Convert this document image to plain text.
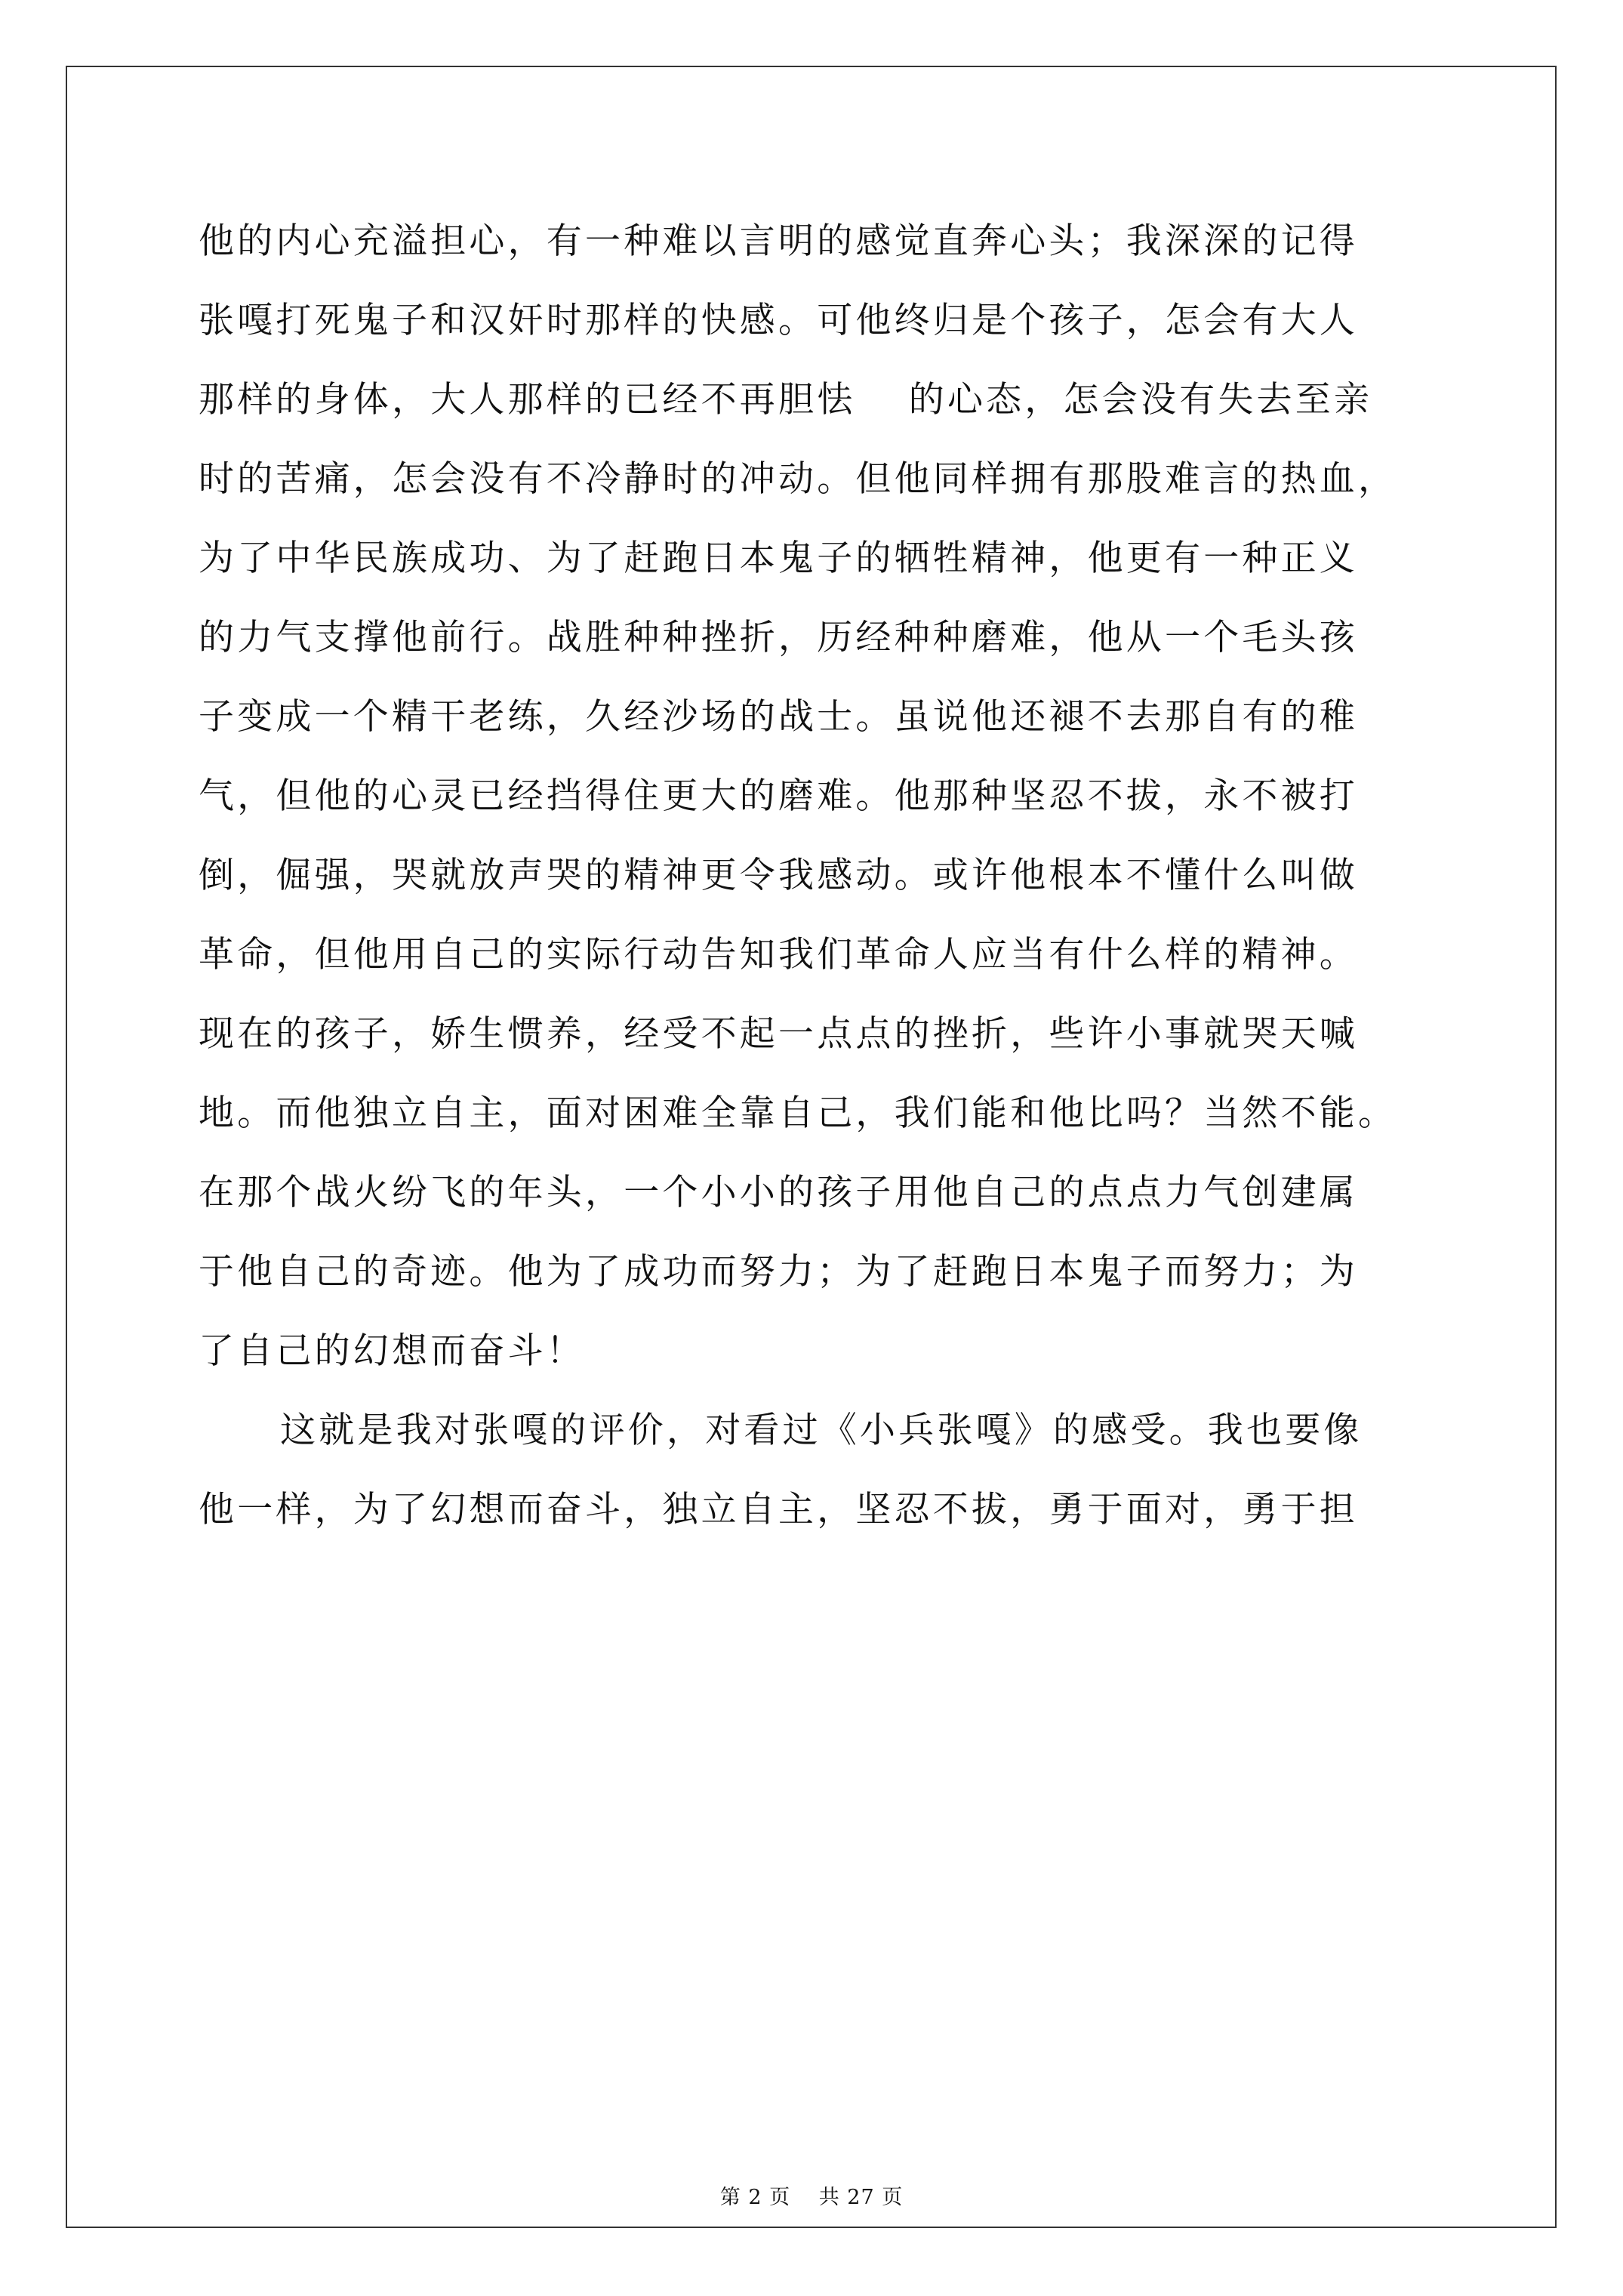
他的内心充溢担心，有一种难以言明的感觉直奔心头；我深深的记得
张嘎打死鬼子和汉奸时那样的快感。可他终归是个孩子，怎会有大人
那样的身体，大人那样的已经不再胆怯　 的心态，怎会没有失去至亲
时的苦痛，怎会没有不冷静时的冲动。但他同样拥有那股难言的热血，
为了中华民族成功、为了赶跑日本鬼子的牺牲精神，他更有一种正义
的力气支撑他前行。战胜种种挫折，历经种种磨难，他从一个毛头孩
子变成一个精干老练，久经沙场的战士。虽说他还褪不去那自有的稚
气，但他的心灵已经挡得住更大的磨难。他那种坚忍不拔，永不被打
倒，倔强，哭就放声哭的精神更令我感动。或许他根本不懂什么叫做
革命，但他用自己的实际行动告知我们革命人应当有什么样的精神。
现在的孩子，娇生惯养，经受不起一点点的挫折，些许小事就哭天喊
地。而他独立自主，面对困难全靠自己，我们能和他比吗？当然不能。
在那个战火纷飞的年头，一个小小的孩子用他自己的点点力气创建属
于他自己的奇迹。他为了成功而努力；为了赶跑日本鬼子而努力；为
了自己的幻想而奋斗！
这就是我对张嘎的评价，对看过《小兵张嘎》的感受。我也要像
他一样，为了幻想而奋斗，独立自主，坚忍不拔，勇于面对，勇于担
第 2 页　 共 27 页
